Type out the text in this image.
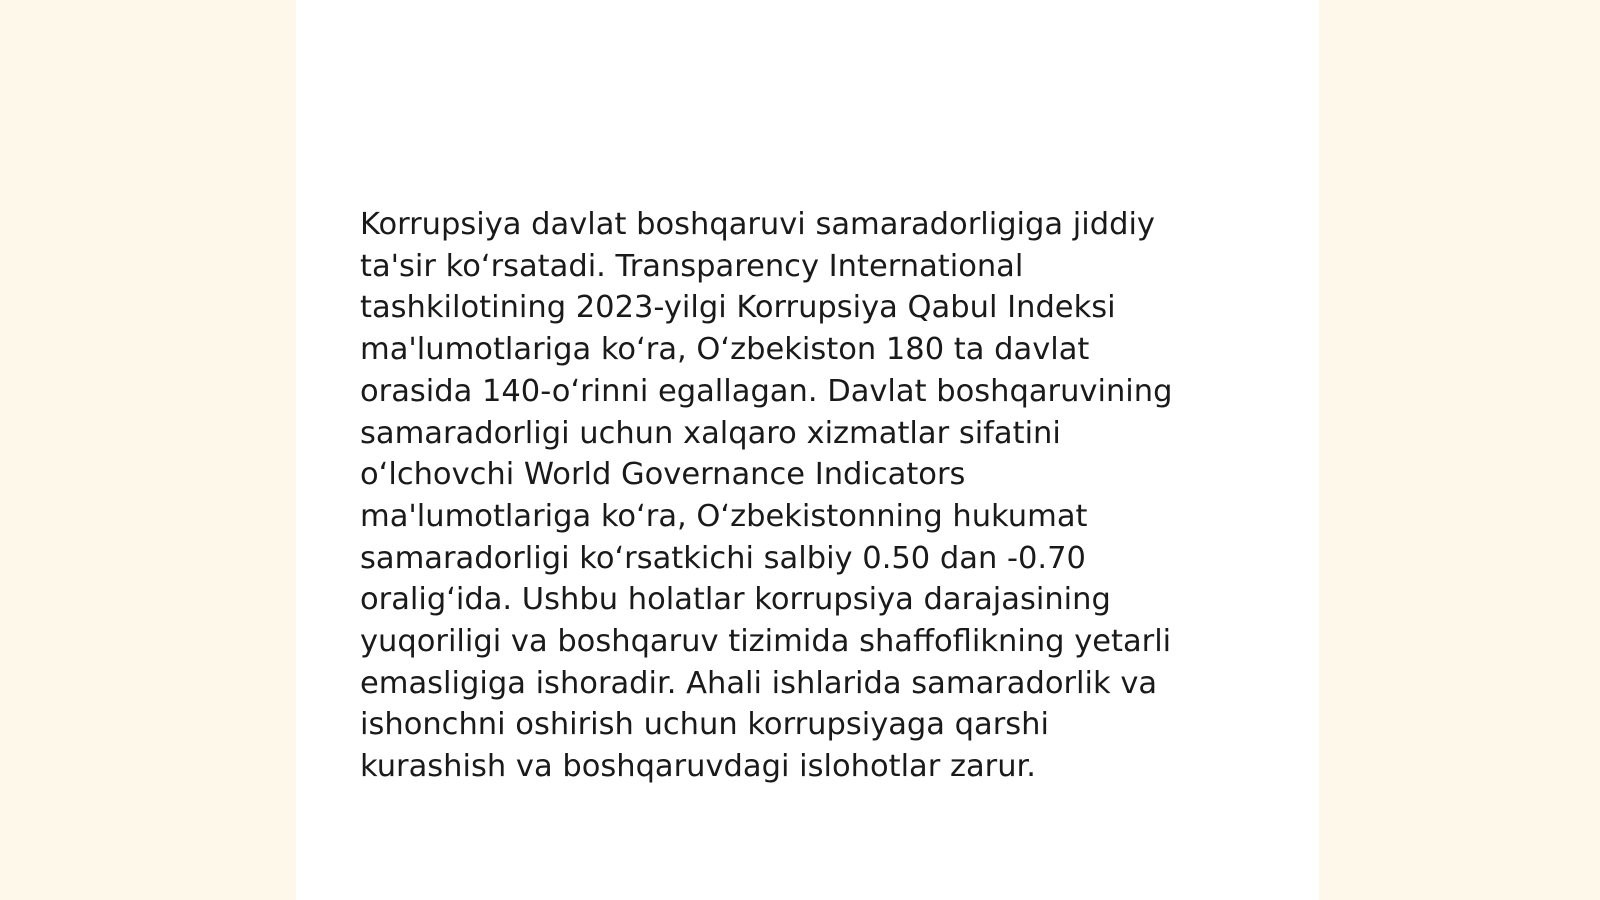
Korrupsiya davlat boshqaruvi samaradorligiga jiddiy
ta'sir koʻrsatadi. Transparency International
tashkilotining 2023-yilgi Korrupsiya Qabul Indeksi
ma'lumotlariga koʻra, Oʻzbekiston 180 ta davlat
orasida 140-oʻrinni egallagan. Davlat boshqaruvining
samaradorligi uchun xalqaro xizmatlar sifatini
oʻlchovchi World Governance Indicators
ma'lumotlariga koʻra, Oʻzbekistonning hukumat
samaradorligi koʻrsatkichi salbiy 0.50 dan -0.70
oraligʻida. Ushbu holatlar korrupsiya darajasining
yuqoriligi va boshqaruv tizimida shaffoflikning yetarli
emasligiga ishoradir. Ahali ishlarida samaradorlik va
ishonchni oshirish uchun korrupsiyaga qarshi
kurashish va boshqaruvdagi islohotlar zarur.
